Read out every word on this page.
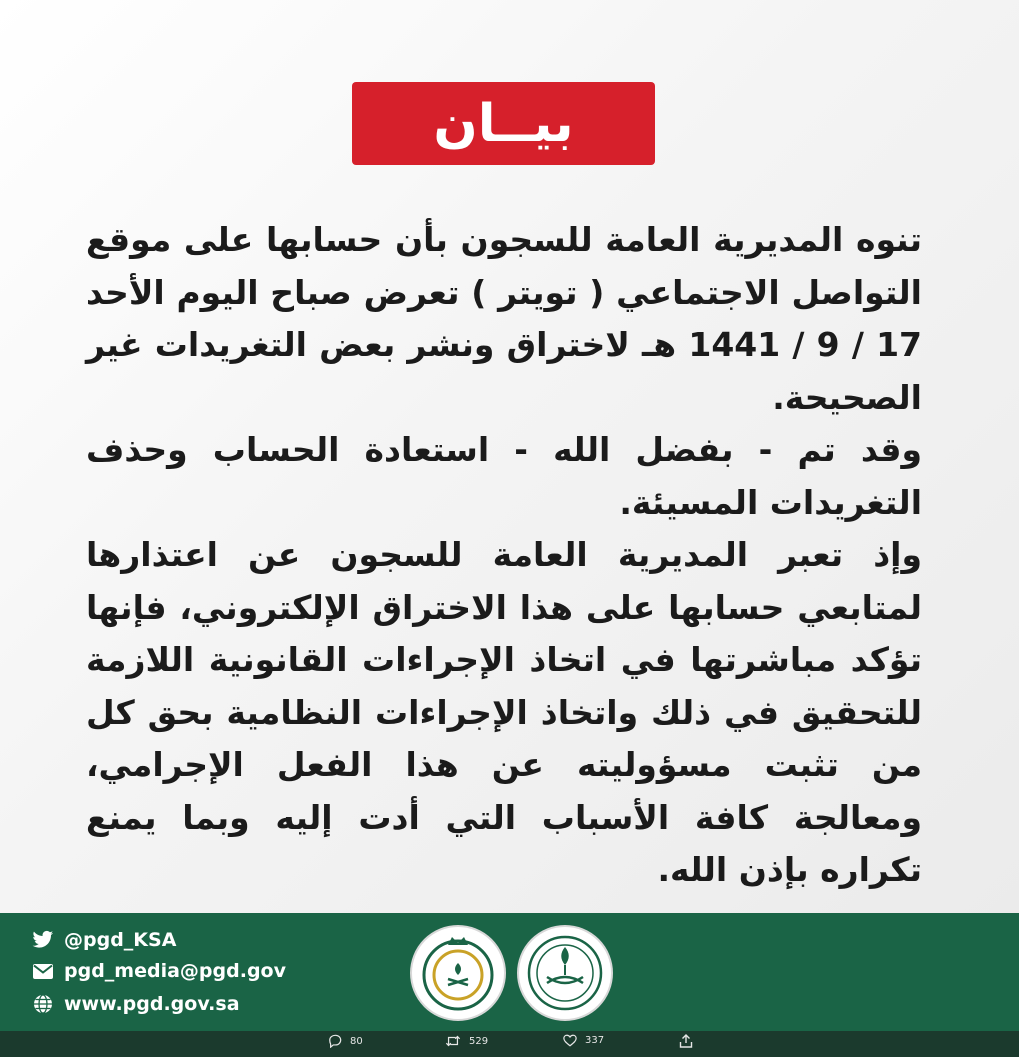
بيــان

تنوه المديرية العامة للسجون بأن حسابها على موقع التواصل الاجتماعي ( تويتر ) تعرض صباح اليوم الأحد 17 / 9 / 1441 هـ لاختراق ونشر بعض التغريدات غير الصحيحة.

وقد تم - بفضل الله - استعادة الحساب وحذف التغريدات المسيئة.

وإذ تعبر المديرية العامة للسجون عن اعتذارها لمتابعي حسابها على هذا الاختراق الإلكتروني، فإنها تؤكد مباشرتها في اتخاذ الإجراءات القانونية اللازمة للتحقيق في ذلك واتخاذ الإجراءات النظامية بحق كل من تثبت مسؤوليته عن هذا الفعل الإجرامي، ومعالجة كافة الأسباب التي أدت إليه وبما يمنع تكراره بإذن الله.

@pgd_KSA
pgd_media@pgd.gov
www.pgd.gov.sa
80	529	337
